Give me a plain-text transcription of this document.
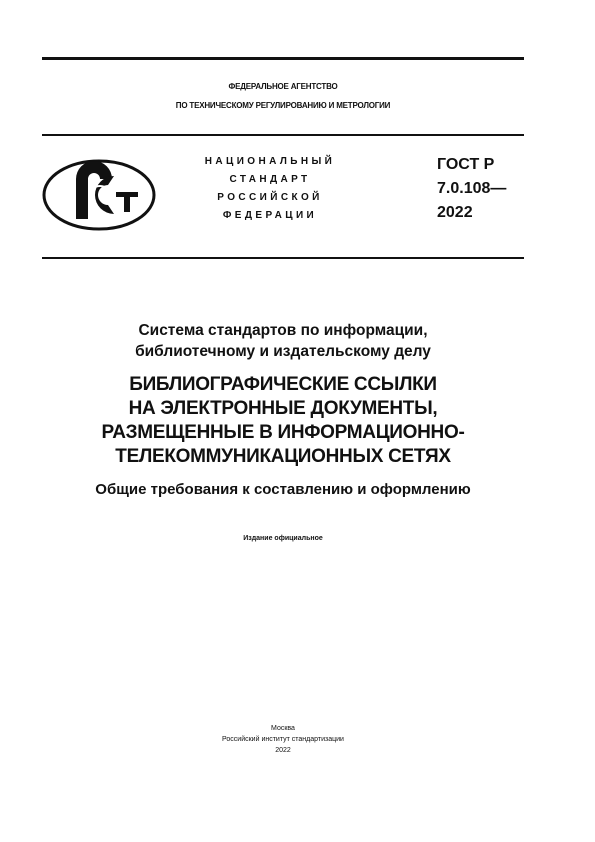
ФЕДЕРАЛЬНОЕ АГЕНТСТВО
ПО ТЕХНИЧЕСКОМУ РЕГУЛИРОВАНИЮ И МЕТРОЛОГИИ
НАЦИОНАЛЬНЫЙ
СТАНДАРТ
РОССИЙСКОЙ
ФЕДЕРАЦИИ
ГОСТ Р
7.0.108—
2022
Система стандартов по информации,
библиотечному и издательскому делу
БИБЛИОГРАФИЧЕСКИЕ ССЫЛКИ
НА ЭЛЕКТРОННЫЕ ДОКУМЕНТЫ,
РАЗМЕЩЕННЫЕ В ИНФОРМАЦИОННО-
ТЕЛЕКОММУНИКАЦИОННЫХ СЕТЯХ
Общие требования к составлению и оформлению
Издание официальное
Москва
Российский институт стандартизации
2022
